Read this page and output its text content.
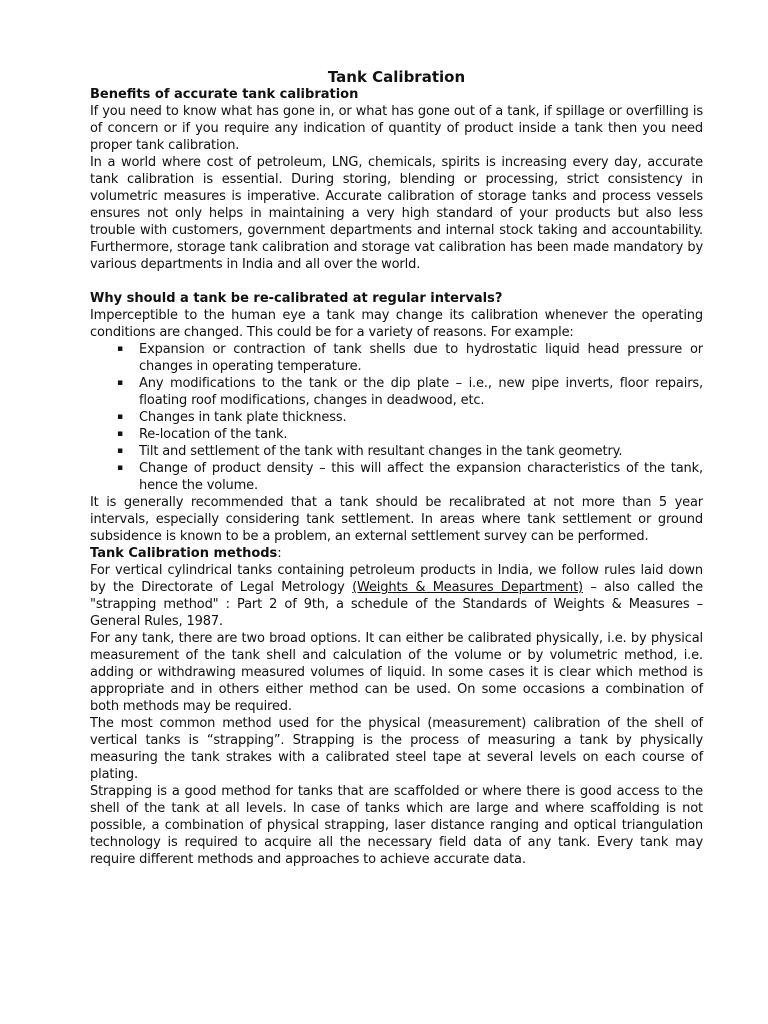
Tank Calibration
Benefits of accurate tank calibration

If you need to know what has gone in, or what has gone out of a tank, if spillage or overfilling is of concern or if you require any indication of quantity of product inside a tank then you need proper tank calibration.

In a world where cost of petroleum, LNG, chemicals, spirits is increasing every day, accurate tank calibration is essential. During storing, blending or processing, strict consistency in volumetric measures is imperative. Accurate calibration of storage tanks and process vessels ensures not only helps in maintaining a very high standard of your products but also less trouble with customers, government departments and internal stock taking and accountability. Furthermore, storage tank calibration and storage vat calibration has been made mandatory by various departments in India and all over the world.

Why should a tank be re-calibrated at regular intervals?

Imperceptible to the human eye a tank may change its calibration whenever the operating conditions are changed. This could be for a variety of reasons. For example:

▪ Expansion or contraction of tank shells due to hydrostatic liquid head pressure or changes in operating temperature.
▪ Any modifications to the tank or the dip plate – i.e., new pipe inverts, floor repairs, floating roof modifications, changes in deadwood, etc.
▪ Changes in tank plate thickness.
▪ Re-location of the tank.
▪ Tilt and settlement of the tank with resultant changes in the tank geometry.
▪ Change of product density – this will affect the expansion characteristics of the tank, hence the volume.

It is generally recommended that a tank should be recalibrated at not more than 5 year intervals, especially considering tank settlement. In areas where tank settlement or ground subsidence is known to be a problem, an external settlement survey can be performed.

Tank Calibration methods:

For vertical cylindrical tanks containing petroleum products in India, we follow rules laid down by the Directorate of Legal Metrology (Weights & Measures Department) – also called the "strapping method" : Part 2 of 9th, a schedule of the Standards of Weights & Measures – General Rules, 1987.

For any tank, there are two broad options. It can either be calibrated physically, i.e. by physical measurement of the tank shell and calculation of the volume or by volumetric method, i.e. adding or withdrawing measured volumes of liquid. In some cases it is clear which method is appropriate and in others either method can be used. On some occasions a combination of both methods may be required.

The most common method used for the physical (measurement) calibration of the shell of vertical tanks is “strapping”. Strapping is the process of measuring a tank by physically measuring the tank strakes with a calibrated steel tape at several levels on each course of plating.

Strapping is a good method for tanks that are scaffolded or where there is good access to the shell of the tank at all levels. In case of tanks which are large and where scaffolding is not possible, a combination of physical strapping, laser distance ranging and optical triangulation technology is required to acquire all the necessary field data of any tank. Every tank may require different methods and approaches to achieve accurate data.
